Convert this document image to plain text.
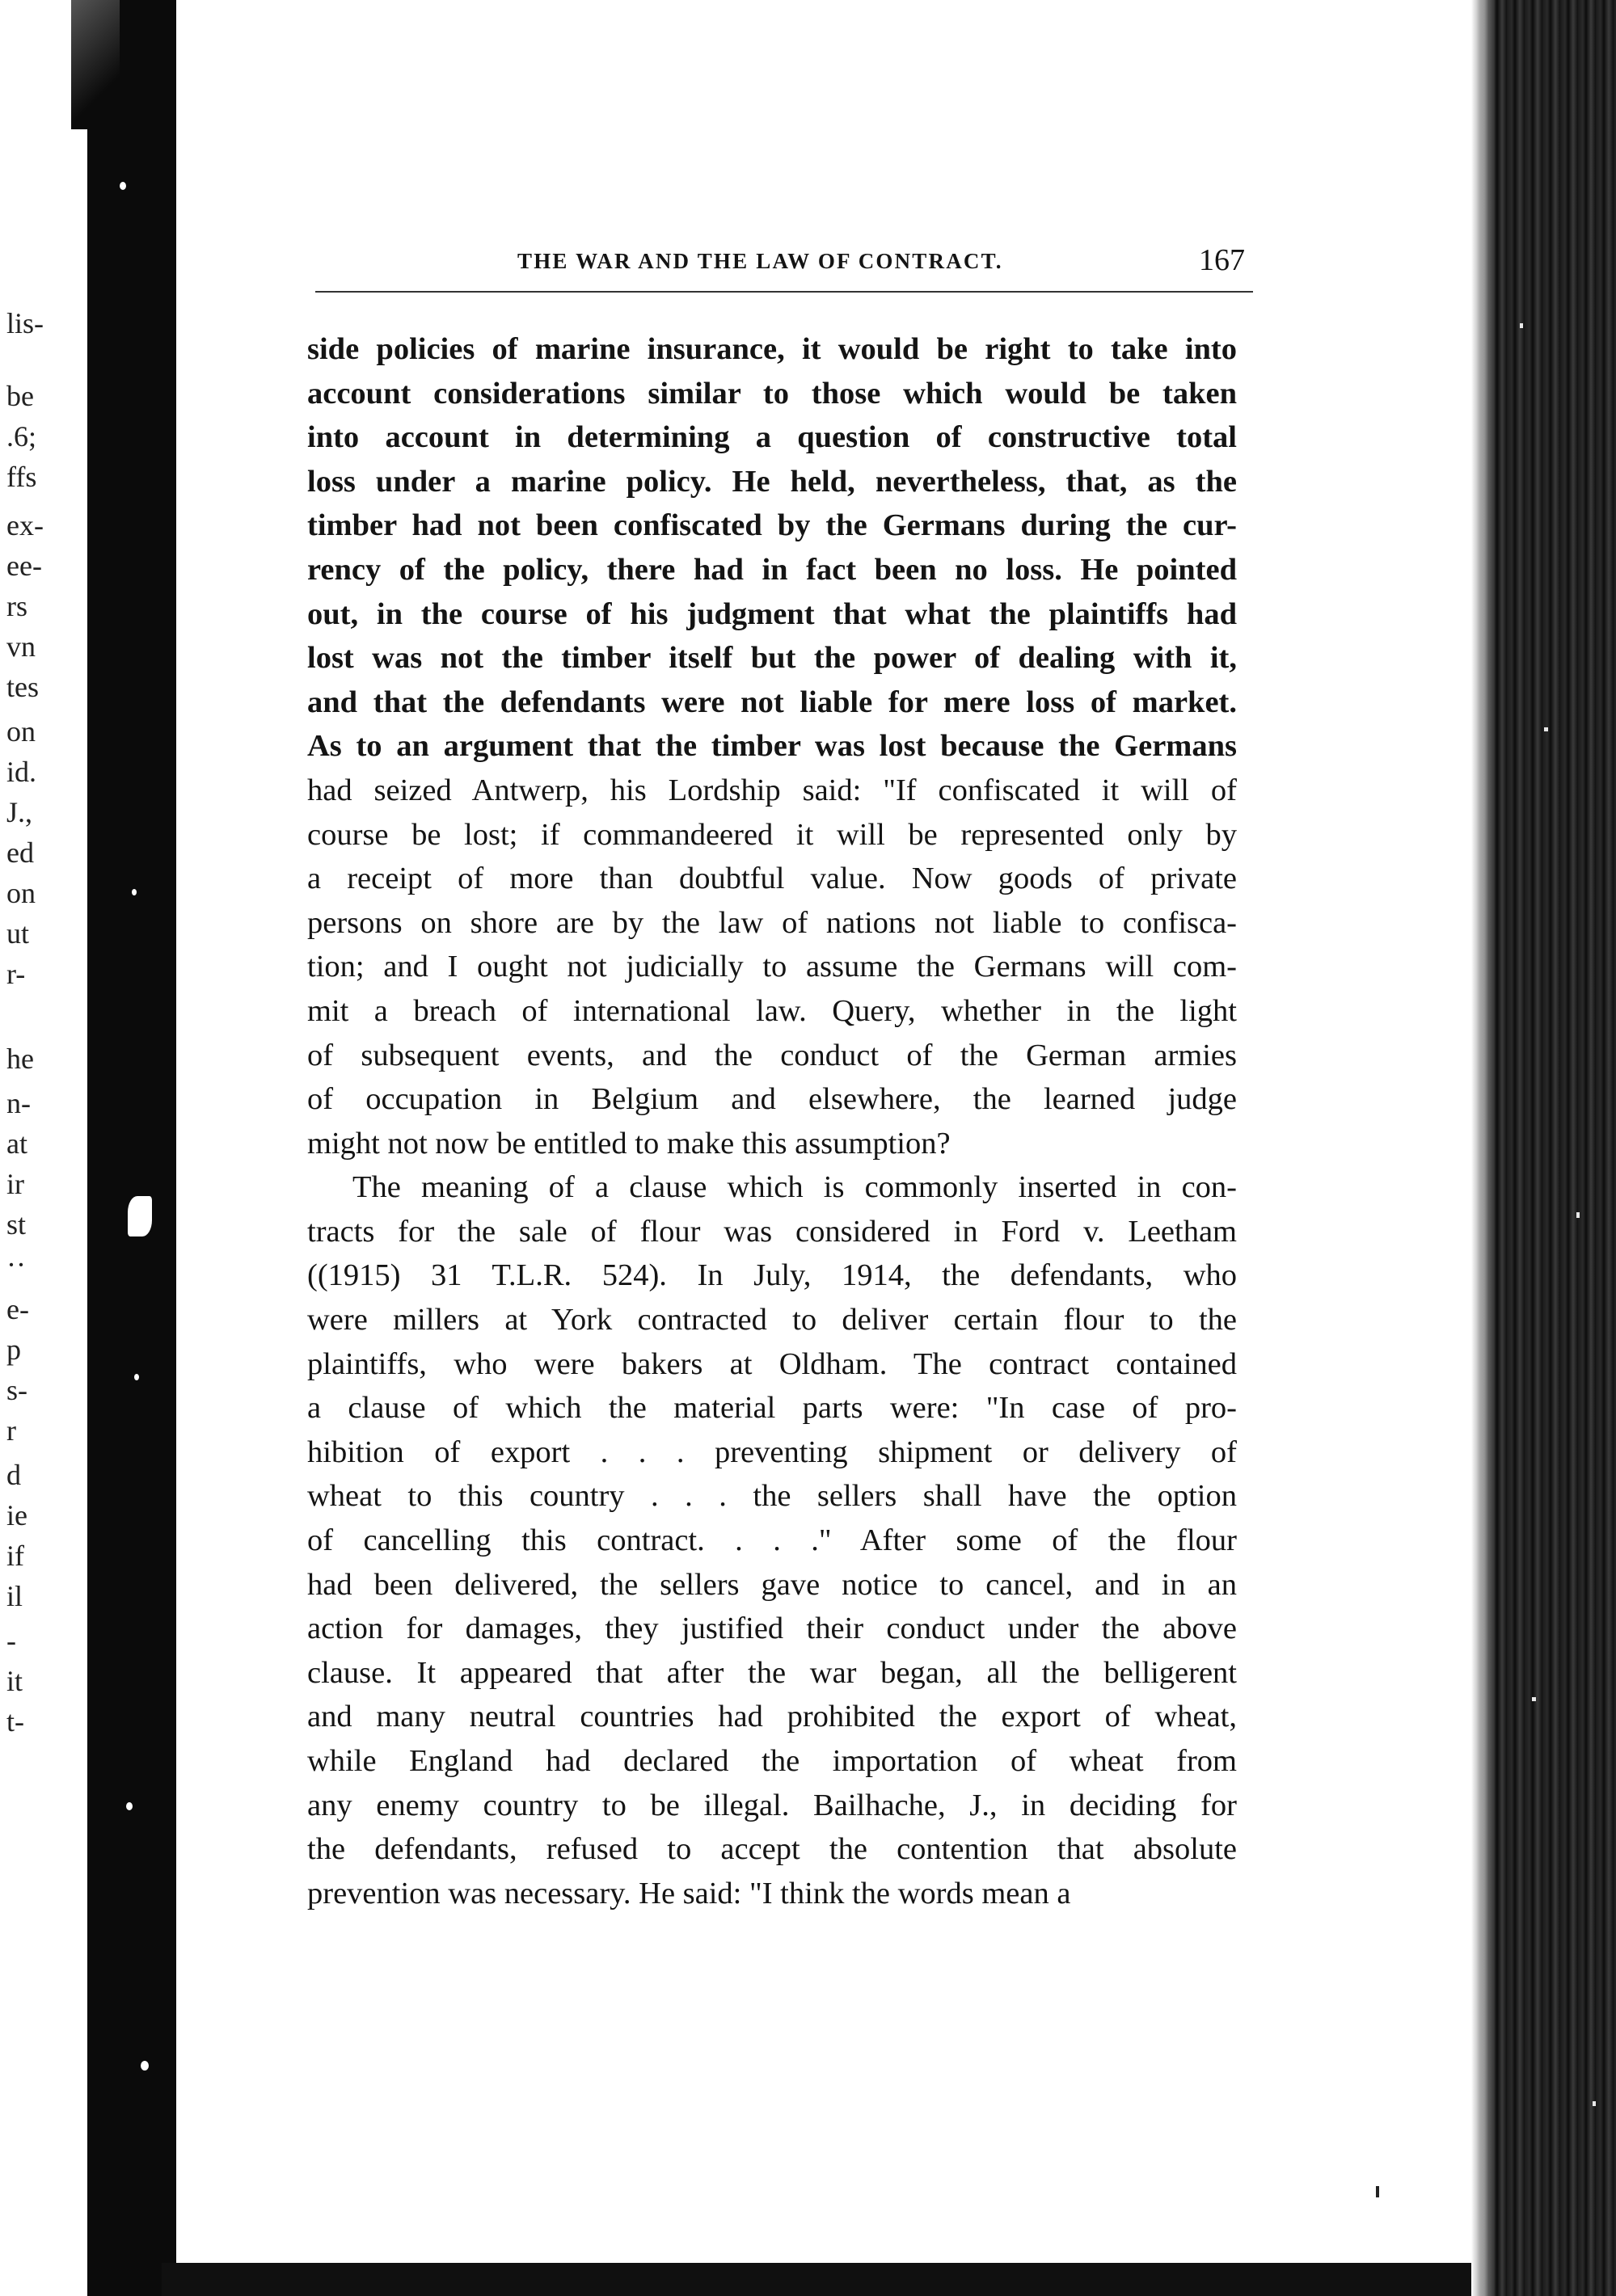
lis-
be
.6;
ffs
ex-
ee-
rs
vn
tes
on
id.
J.,
ed
on
ut
r-
he
n-
at
ir
st
··
e-
p
s-
r
d
ie
if
il
-
it
t-
THE WAR AND THE LAW OF CONTRACT.	167
side policies of marine insurance, it would be right to take into
account considerations similar to those which would be taken
into account in determining a question of constructive total
loss under a marine policy. He held, nevertheless, that, as the
timber had not been confiscated by the Germans during the cur-
rency of the policy, there had in fact been no loss. He pointed
out, in the course of his judgment that what the plaintiffs had
lost was not the timber itself but the power of dealing with it,
and that the defendants were not liable for mere loss of market.
As to an argument that the timber was lost because the Germans
had seized Antwerp, his Lordship said: "If confiscated it will of
course be lost; if commandeered it will be represented only by
a receipt of more than doubtful value. Now goods of private
persons on shore are by the law of nations not liable to confisca-
tion; and I ought not judicially to assume the Germans will com-
mit a breach of international law. Query, whether in the light
of subsequent events, and the conduct of the German armies
of occupation in Belgium and elsewhere, the learned judge
might not now be entitled to make this assumption?
The meaning of a clause which is commonly inserted in con-
tracts for the sale of flour was considered in Ford v. Leetham
((1915) 31 T.L.R. 524). In July, 1914, the defendants, who
were millers at York contracted to deliver certain flour to the
plaintiffs, who were bakers at Oldham. The contract contained
a clause of which the material parts were: "In case of pro-
hibition of export . . . preventing shipment or delivery of
wheat to this country . . . the sellers shall have the option
of cancelling this contract. . . ." After some of the flour
had been delivered, the sellers gave notice to cancel, and in an
action for damages, they justified their conduct under the above
clause. It appeared that after the war began, all the belligerent
and many neutral countries had prohibited the export of wheat,
while England had declared the importation of wheat from
any enemy country to be illegal. Bailhache, J., in deciding for
the defendants, refused to accept the contention that absolute
prevention was necessary. He said: "I think the words mean a
